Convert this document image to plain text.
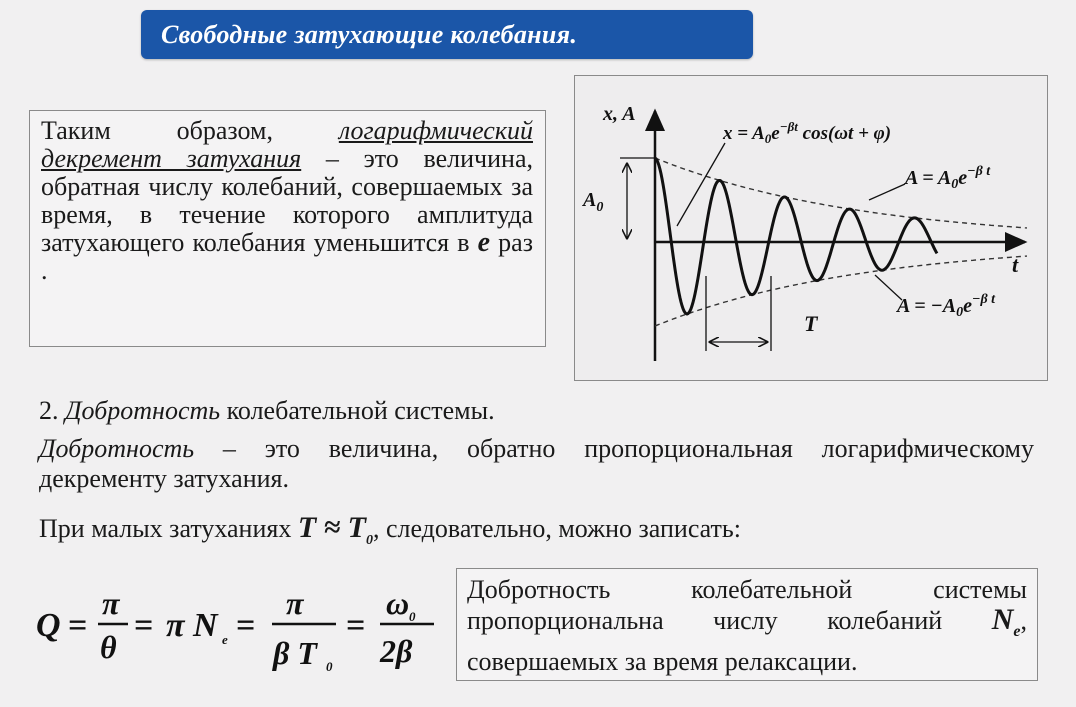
Свободные затухающие колебания.
Таким образом, логарифмический декремент затухания – это величина, обратная числу колебаний, совершаемых за время, в течение которого амплитуда затухающего колебания уменьшится в e раз .
x, A
t
$A_0$
T
$x = A_0e^{-\beta t}$ cos(ωt + φ)
$A = A_0e^{-\beta t}$
$A = -A_0e^{-\beta t}$
2. Добротность колебательной системы.
Добротность – это величина, обратно пропорциональная логарифмическому декременту затухания.
При малых затуханиях $T \approx T_0$, следовательно, можно записать:
Q =
π
θ
= π N e =
π
β T 0
=
ω 0
2β
Добротность колебательной системы пропорциональна числу колебаний $N_e$, совершаемых за время релаксации.
